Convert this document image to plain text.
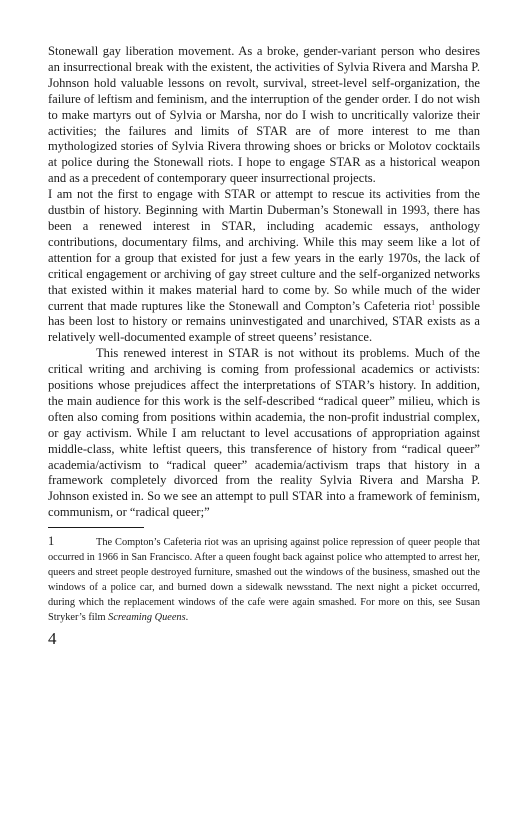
Stonewall gay liberation movement. As a broke, gender-variant person who desires an insurrectional break with the existent, the activities of Sylvia Rivera and Marsha P. Johnson hold valuable lessons on revolt, survival, street-level self-organization, the failure of leftism and feminism, and the interruption of the gender order. I do not wish to make martyrs out of Sylvia or Marsha, nor do I wish to uncritically valorize their activities; the failures and limits of STAR are of more interest to me than mythologized stories of Sylvia Rivera throwing shoes or bricks or Molotov cocktails at police during the Stonewall riots. I hope to engage STAR as a historical weapon and as a precedent of contemporary queer insurrectional projects.

I am not the first to engage with STAR or attempt to rescue its activities from the dustbin of history. Beginning with Martin Duberman’s Stonewall in 1993, there has been a renewed interest in STAR, including academic essays, anthology contributions, documentary films, and archiving. While this may seem like a lot of attention for a group that existed for just a few years in the early 1970s, the lack of critical engagement or archiving of gay street culture and the self-organized networks that existed within it makes material hard to come by. So while much of the wider current that made ruptures like the Stonewall and Compton’s Cafeteria riot$^1$ possible has been lost to history or remains uninvestigated and unarchived, STAR exists as a relatively well-documented example of street queens’ resistance.

This renewed interest in STAR is not without its problems. Much of the critical writing and archiving is coming from professional academics or activists: positions whose prejudices affect the interpretations of STAR’s history. In addition, the main audience for this work is the self-described “radical queer” milieu, which is often also coming from positions within academia, the non-profit industrial complex, or gay activism. While I am reluctant to level accusations of appropriation against middle-class, white leftist queers, this transference of history from “radical queer” academia/activism to “radical queer” academia/activism traps that history in a framework completely divorced from the reality Sylvia Rivera and Marsha P. Johnson existed in. So we see an attempt to pull STAR into a framework of feminism, communism, or “radical queer;”

1	The Compton’s Cafeteria riot was an uprising against police repression of queer people that occurred in 1966 in San Francisco. After a queen fought back against police who attempted to arrest her, queers and street people destroyed furniture, smashed out the windows of the business, smashed out the windows of a police car, and burned down a sidewalk newsstand. The next night a picket occurred, during which the replacement windows of the cafe were again smashed. For more on this, see Susan Stryker’s film Screaming Queens.
4
